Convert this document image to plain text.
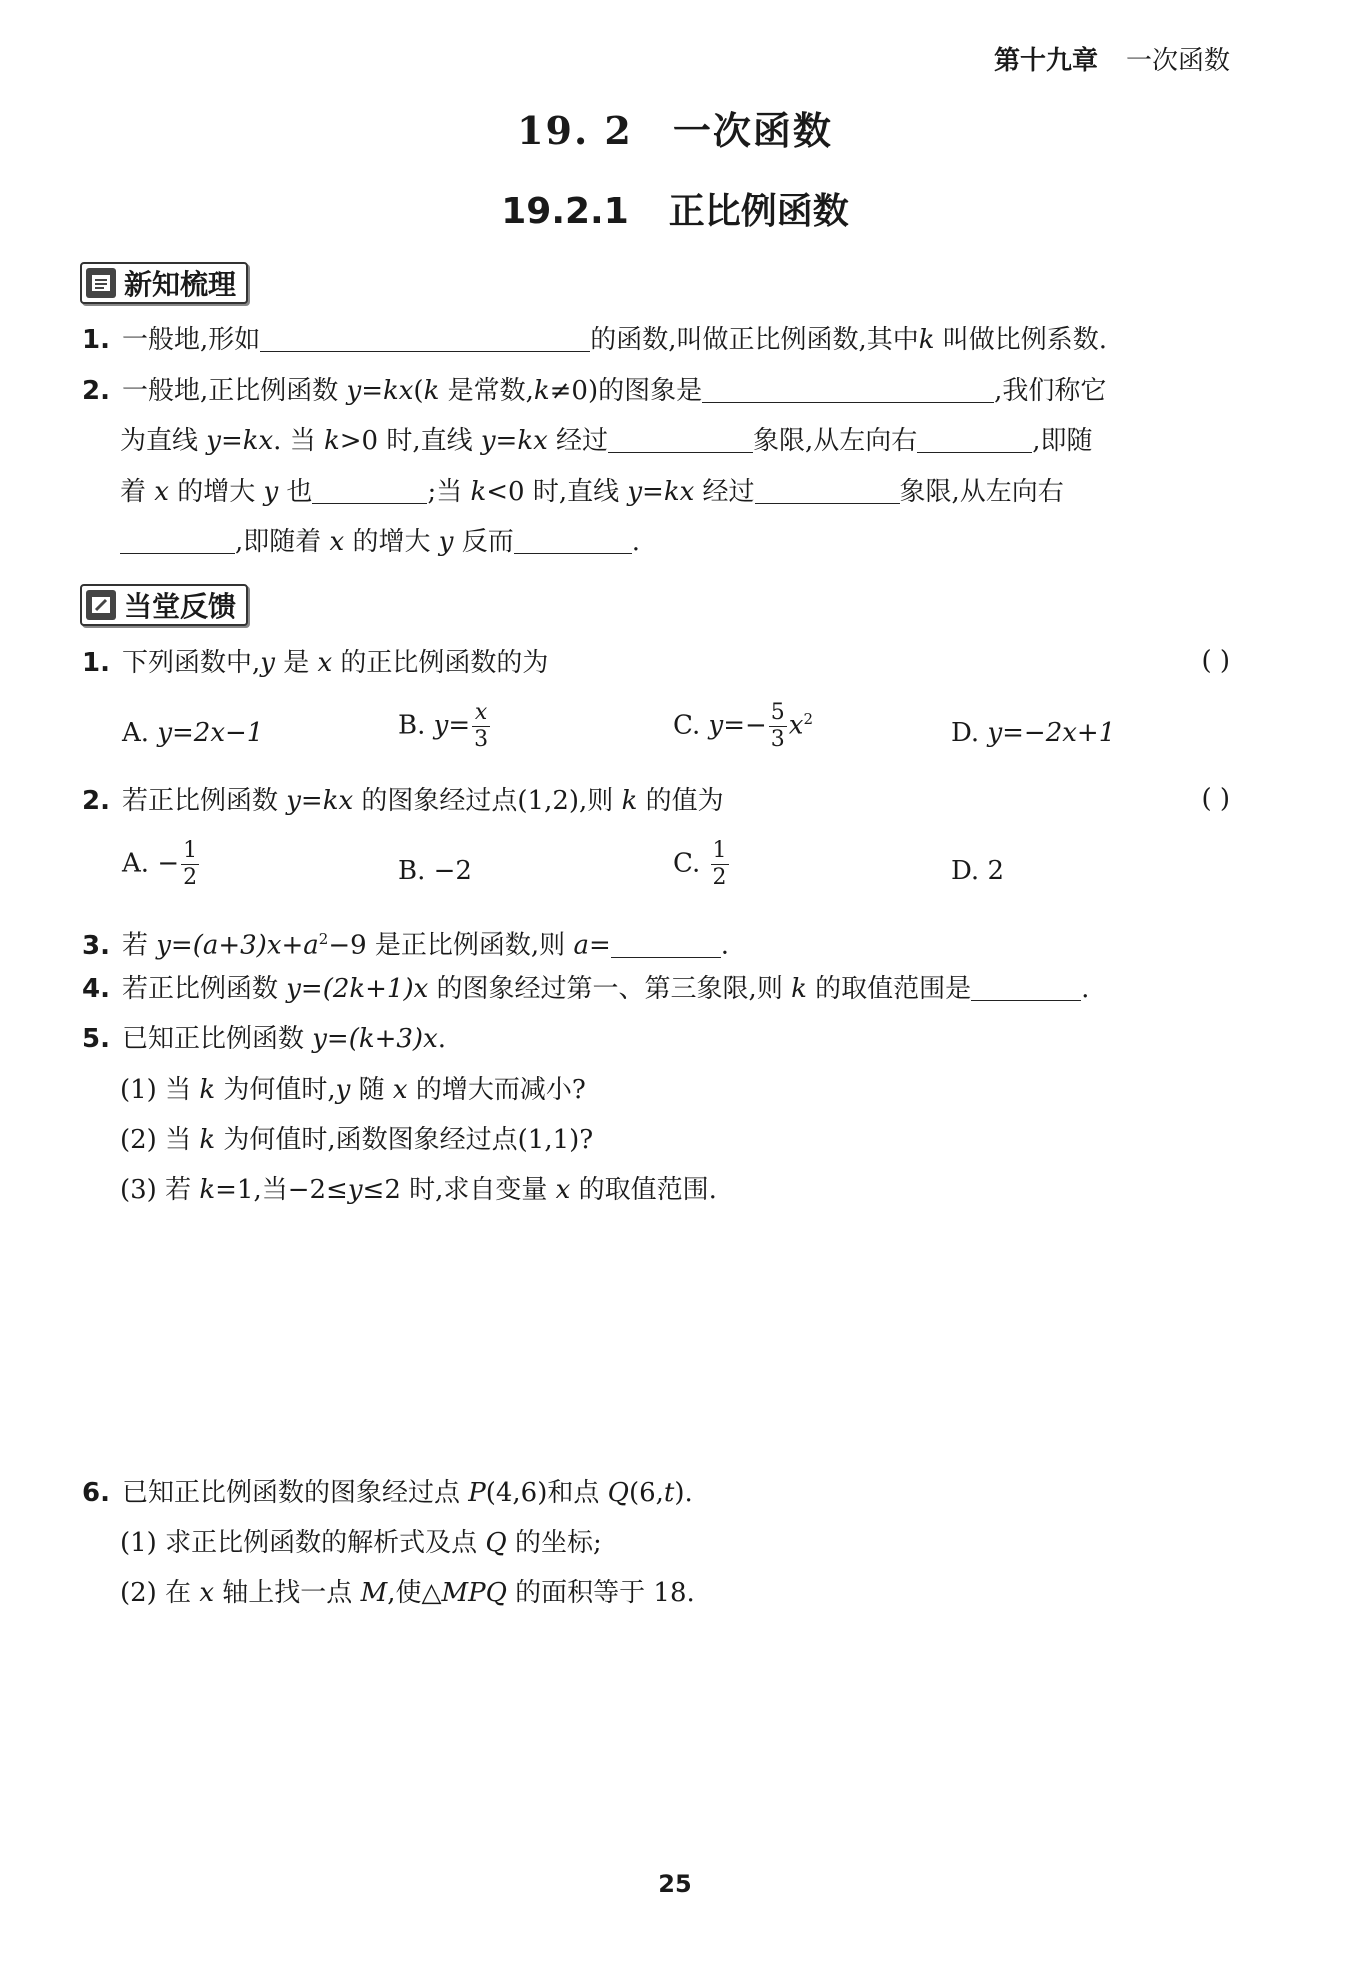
第十九章 一次函数
19. 2 一次函数
19.2.1 正比例函数
新知梳理
1. 一般地,形如	的函数,叫做正比例函数,其中k 叫做比例系数.
2. 一般地,正比例函数 y=kx(k 是常数,k≠0)的图象是	,我们称它
为直线 y=kx. 当 k>0 时,直线 y=kx 经过	象限,从左向右	,即随
着 x 的增大 y 也	;当 k<0 时,直线 y=kx 经过	象限,从左向右
,即随着 x 的增大 y 反而	.
当堂反馈
1. 下列函数中,y 是 x 的正比例函数的为	( )
A. y=2x−1	B. $y= \frac{x}{3}$	C. $y=- \frac{5}{3} x^2$	D. y=−2x+1
2. 若正比例函数 y=kx 的图象经过点(1,2),则 k 的值为	( )
A. − $\frac{1}{2}$	B. −2	C. $\frac{1}{2}$	D. 2
3. 若 $y=(a+3)x+a^2-9$ 是正比例函数,则 a=	.
4. 若正比例函数 y=(2k+1)x 的图象经过第一、第三象限,则 k 的取值范围是	.
5. 已知正比例函数 y=(k+3)x.
(1) 当 k 为何值时,y 随 x 的增大而减小?
(2) 当 k 为何值时,函数图象经过点(1,1)?
(3) 若 k=1,当−2≤y≤2 时,求自变量 x 的取值范围.
6. 已知正比例函数的图象经过点 P(4,6)和点 Q(6,t).
(1) 求正比例函数的解析式及点 Q 的坐标;
(2) 在 x 轴上找一点 M,使△MPQ 的面积等于 18.
25
